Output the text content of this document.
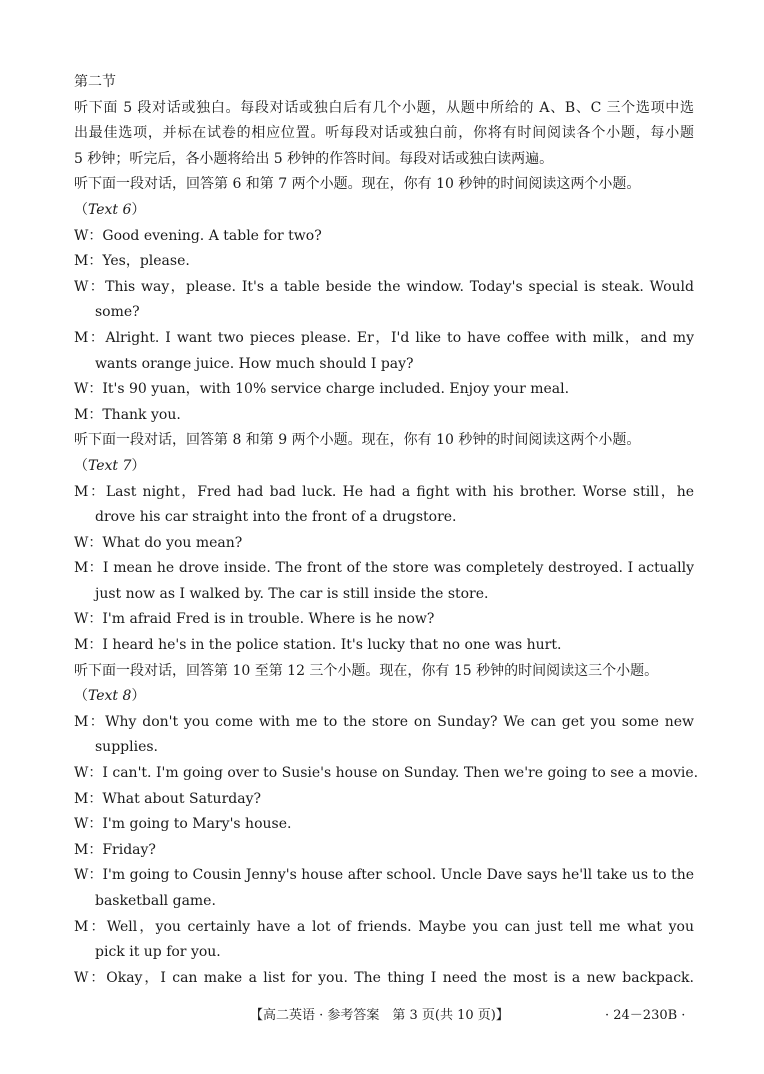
第二节
听下面 5 段对话或独白。每段对话或独白后有几个小题，从题中所给的 A、B、C 三个选项中选
出最佳选项，并标在试卷的相应位置。听每段对话或独白前，你将有时间阅读各个小题，每小题
5 秒钟；听完后，各小题将给出 5 秒钟的作答时间。每段对话或独白读两遍。
听下面一段对话，回答第 6 和第 7 两个小题。现在，你有 10 秒钟的时间阅读这两个小题。
（Text 6）
W：Good evening. A table for two?
M：Yes，please.
W：This way，please. It's a table beside the window. Today's special is steak. Would
some?
M：Alright. I want two pieces please. Er，I'd like to have coffee with milk，and my
wants orange juice. How much should I pay?
W：It's 90 yuan，with 10% service charge included. Enjoy your meal.
M：Thank you.
听下面一段对话，回答第 8 和第 9 两个小题。现在，你有 10 秒钟的时间阅读这两个小题。
（Text 7）
M：Last night，Fred had bad luck. He had a fight with his brother. Worse still，he
drove his car straight into the front of a drugstore.
W：What do you mean?
M：I mean he drove inside. The front of the store was completely destroyed. I actually
just now as I walked by. The car is still inside the store.
W：I'm afraid Fred is in trouble. Where is he now?
M：I heard he's in the police station. It's lucky that no one was hurt.
听下面一段对话，回答第 10 至第 12 三个小题。现在，你有 15 秒钟的时间阅读这三个小题。
（Text 8）
M：Why don't you come with me to the store on Sunday? We can get you some new
supplies.
W：I can't. I'm going over to Susie's house on Sunday. Then we're going to see a movie.
M：What about Saturday?
W：I'm going to Mary's house.
M：Friday?
W：I'm going to Cousin Jenny's house after school. Uncle Dave says he'll take us to the
basketball game.
M：Well，you certainly have a lot of friends. Maybe you can just tell me what you
pick it up for you.
W：Okay，I can make a list for you. The thing I need the most is a new backpack.
【高二英语 · 参考答案　第 3 页(共 10 页)】	· 24－230B ·
